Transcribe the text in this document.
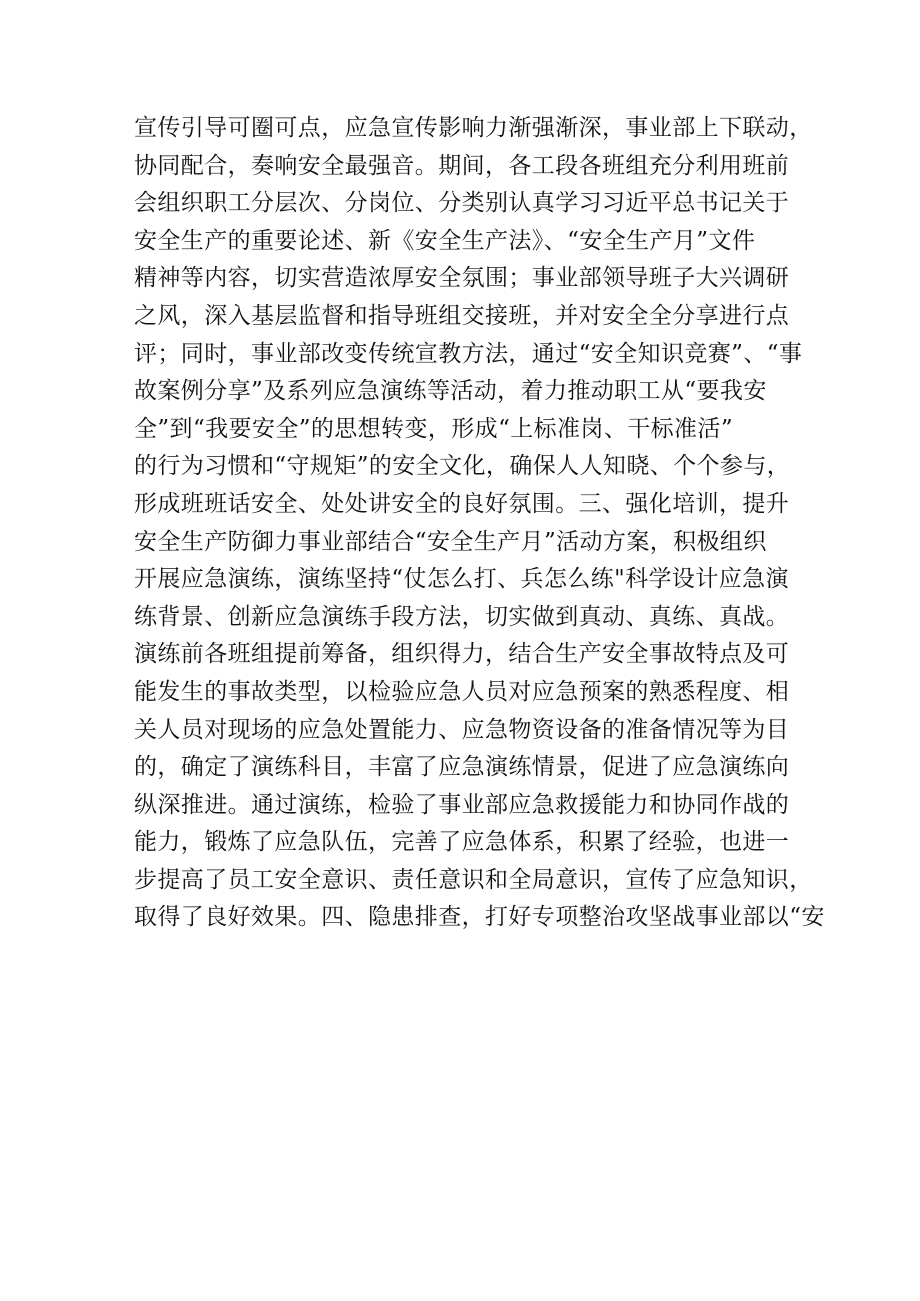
宣传引导可圈可点，应急宣传影响力渐强渐深，事业部上下联动，
协同配合，奏响安全最强音。期间，各工段各班组充分利用班前
会组织职工分层次、分岗位、分类别认真学习习近平总书记关于
安全生产的重要论述、新《安全生产法》、“安全生产月”文件
精神等内容，切实营造浓厚安全氛围；事业部领导班子大兴调研
之风，深入基层监督和指导班组交接班，并对安全全分享进行点
评；同时，事业部改变传统宣教方法，通过“安全知识竞赛”、“事
故案例分享”及系列应急演练等活动，着力推动职工从“要我安
全”到“我要安全”的思想转变，形成“上标准岗、干标准活”
的行为习惯和“守规矩”的安全文化，确保人人知晓、个个参与，
形成班班话安全、处处讲安全的良好氛围。三、强化培训，提升
安全生产防御力事业部结合“安全生产月”活动方案，积极组织
开展应急演练，演练坚持“仗怎么打、兵怎么练"科学设计应急演
练背景、创新应急演练手段方法，切实做到真动、真练、真战。
演练前各班组提前筹备，组织得力，结合生产安全事故特点及可
能发生的事故类型，以检验应急人员对应急预案的熟悉程度、相
关人员对现场的应急处置能力、应急物资设备的准备情况等为目
的，确定了演练科目，丰富了应急演练情景，促进了应急演练向
纵深推进。通过演练，检验了事业部应急救援能力和协同作战的
能力，锻炼了应急队伍，完善了应急体系，积累了经验，也进一
步提高了员工安全意识、责任意识和全局意识，宣传了应急知识，
取得了良好效果。四、隐患排查，打好专项整治攻坚战事业部以“安
